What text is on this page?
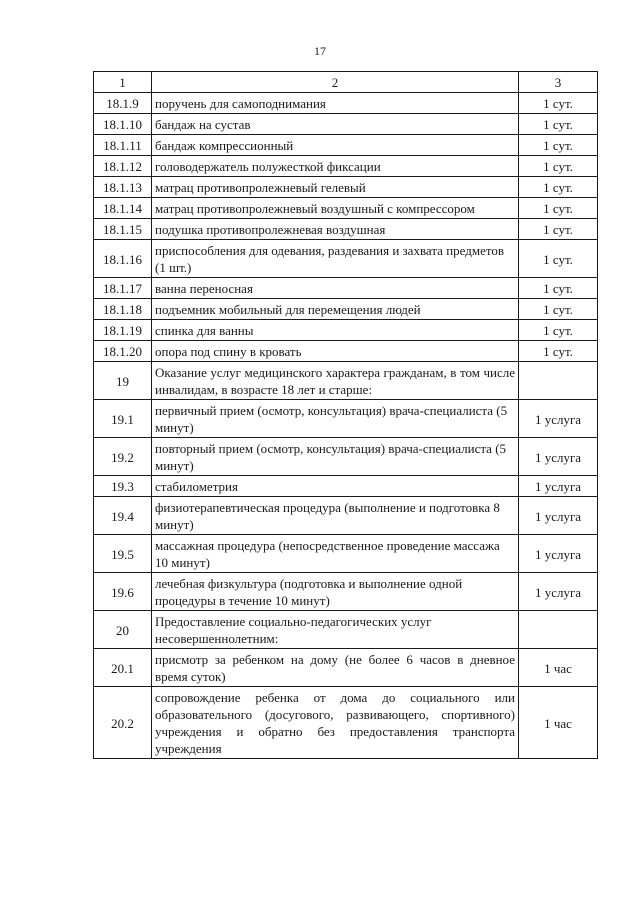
17
1	2	3
18.1.9	поручень для самоподнимания	1 сут.
18.1.10	бандаж на сустав	1 сут.
18.1.11	бандаж компрессионный	1 сут.
18.1.12	головодержатель полужесткой фиксации	1 сут.
18.1.13	матрац противопролежневый гелевый	1 сут.
18.1.14	матрац противопролежневый воздушный с компрессором	1 сут.
18.1.15	подушка противопролежневая воздушная	1 сут.
18.1.16	приспособления для одевания, раздевания и захвата предметов (1 шт.)	1 сут.
18.1.17	ванна переносная	1 сут.
18.1.18	подъемник мобильный для перемещения людей	1 сут.
18.1.19	спинка для ванны	1 сут.
18.1.20	опора под спину в кровать	1 сут.
19	Оказание услуг медицинского характера гражданам, в том числе инвалидам, в возрасте 18 лет и старше:	
19.1	первичный прием (осмотр, консультация) врача-специалиста (5 минут)	1 услуга
19.2	повторный прием (осмотр, консультация) врача-специалиста (5 минут)	1 услуга
19.3	стабилометрия	1 услуга
19.4	физиотерапевтическая процедура (выполнение и подготовка 8 минут)	1 услуга
19.5	массажная процедура (непосредственное проведение массажа 10 минут)	1 услуга
19.6	лечебная физкультура (подготовка и выполнение одной процедуры в течение 10 минут)	1 услуга
20	Предоставление социально-педагогических услуг несовершеннолетним:	
20.1	присмотр за ребенком на дому (не более 6 часов в дневное время суток)	1 час
20.2	сопровождение ребенка от дома до социального или образовательного (досугового, развивающего, спортивного) учреждения и обратно без предоставления транспорта учреждения	1 час
